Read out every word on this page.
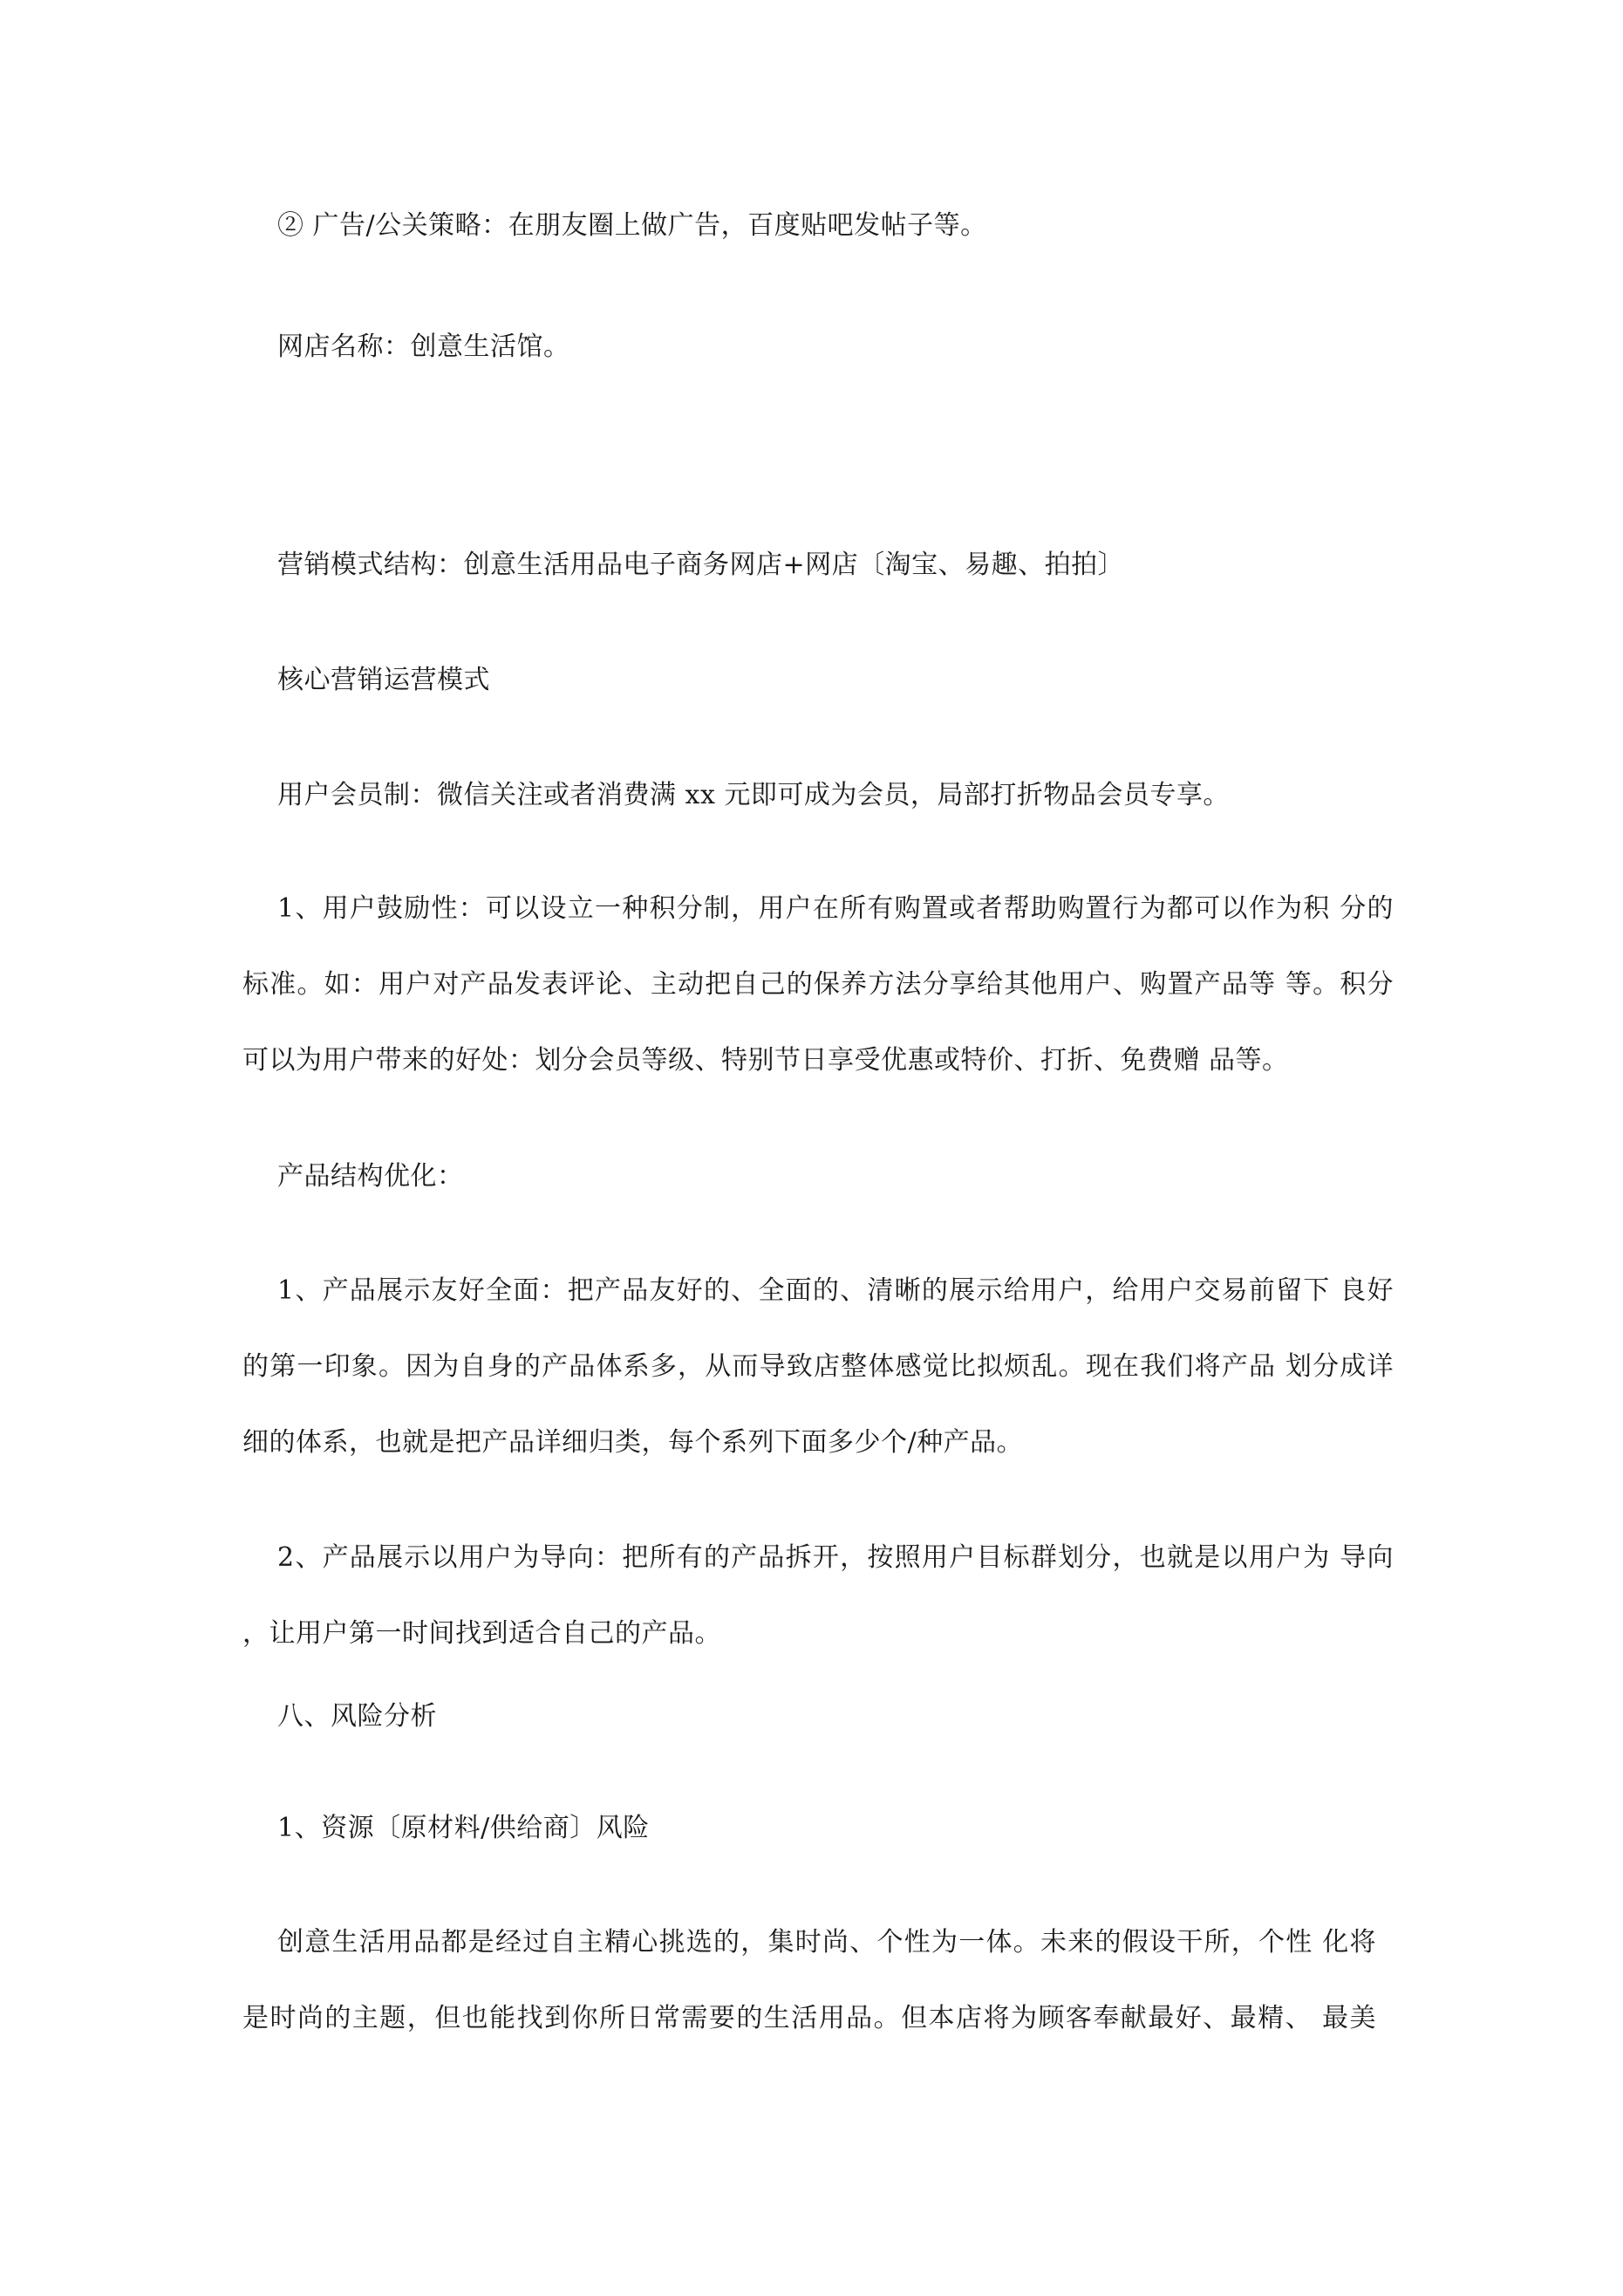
② 广告/公关策略：在朋友圈上做广告，百度贴吧发帖子等。
网店名称：创意生活馆。
营销模式结构：创意生活用品电子商务网店+网店〔淘宝、易趣、拍拍〕
核心营销运营模式
用户会员制：微信关注或者消费满 xx 元即可成为会员，局部打折物品会员专享。
1、用户鼓励性：可以设立一种积分制，用户在所有购置或者帮助购置行为都可以作为积 分的
标准。如：用户对产品发表评论、主动把自己的保养方法分享给其他用户、购置产品等 等。积分
可以为用户带来的好处：划分会员等级、特别节日享受优惠或特价、打折、免费赠 品等。
产品结构优化：
1、产品展示友好全面：把产品友好的、全面的、清晰的展示给用户，给用户交易前留下 良好
的第一印象。因为自身的产品体系多，从而导致店整体感觉比拟烦乱。现在我们将产品 划分成详
细的体系，也就是把产品详细归类，每个系列下面多少个/种产品。
2、产品展示以用户为导向：把所有的产品拆开，按照用户目标群划分，也就是以用户为 导向
，让用户第一时间找到适合自己的产品。
八、风险分析
1、资源〔原材料/供给商〕风险
创意生活用品都是经过自主精心挑选的，集时尚、个性为一体。未来的假设干所，个性 化将
是时尚的主题，但也能找到你所日常需要的生活用品。但本店将为顾客奉献最好、最精、 最美
